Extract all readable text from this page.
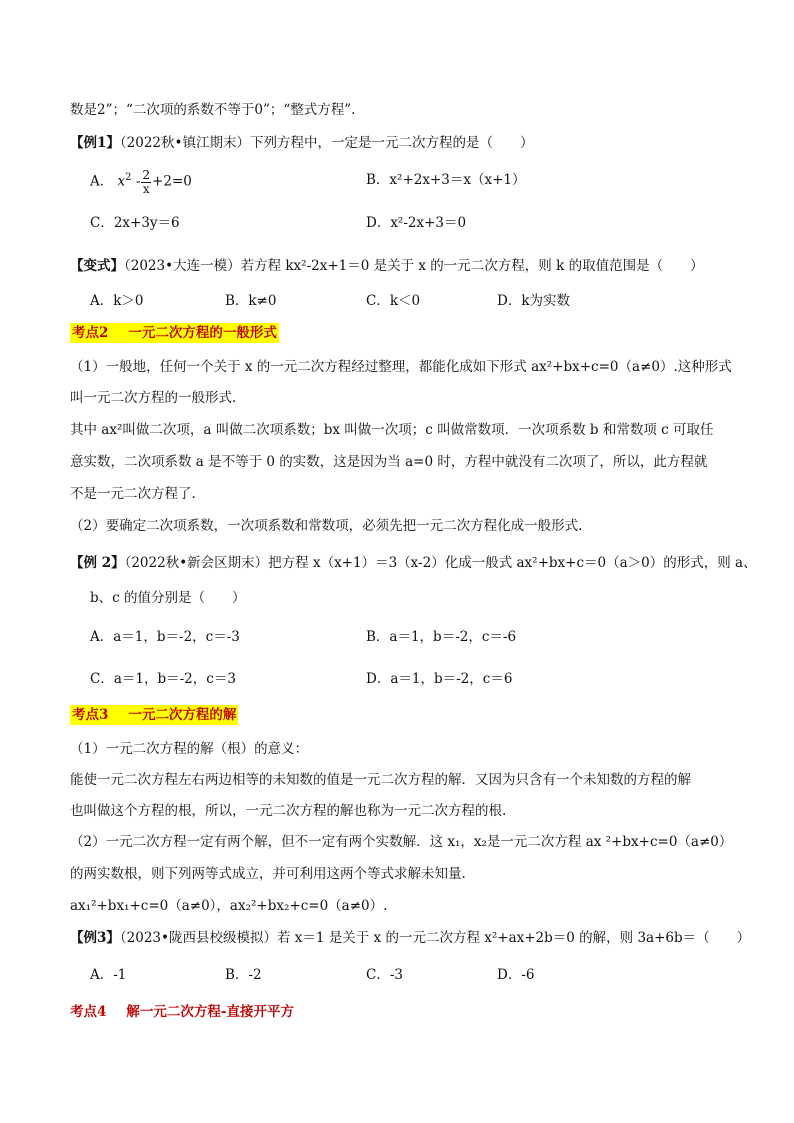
数是2”；“二次项的系数不等于0”；“整式方程”.
【例1】（2022秋•镇江期末）下列方程中，一定是一元二次方程的是（　　）
A． $x^2 - \frac{2}{x} +2=0$	B．x²+2x+3＝x（x+1）
C．2x+3y＝6	D．x²-2x+3＝0
【变式】（2023•大连一模）若方程 kx²-2x+1＝0 是关于 x 的一元二次方程，则 k 的取值范围是（　　）
A．k＞0	B．k≠0	C．k＜0	D．k为实数
考点2 一元二次方程的一般形式
（1）一般地，任何一个关于 x 的一元二次方程经过整理，都能化成如下形式 ax²+bx+c=0（a≠0）.这种形式
叫一元二次方程的一般形式.
其中 ax²叫做二次项，a 叫做二次项系数；bx 叫做一次项；c 叫做常数项．一次项系数 b 和常数项 c 可取任
意实数，二次项系数 a 是不等于 0 的实数，这是因为当 a=0 时，方程中就没有二次项了，所以，此方程就
不是一元二次方程了.
（2）要确定二次项系数，一次项系数和常数项，必须先把一元二次方程化成一般形式.
【例 2】（2022秋•新会区期末）把方程 x（x+1）＝3（x-2）化成一般式 ax²+bx+c＝0（a＞0）的形式，则 a、
b、c 的值分别是（　　）
A．a＝1，b＝-2，c＝-3	B．a＝1，b＝-2，c＝-6
C．a＝1，b＝-2，c＝3	D．a＝1，b＝-2，c＝6
考点3 一元二次方程的解
（1）一元二次方程的解（根）的意义：
能使一元二次方程左右两边相等的未知数的值是一元二次方程的解．又因为只含有一个未知数的方程的解
也叫做这个方程的根，所以，一元二次方程的解也称为一元二次方程的根.
（2）一元二次方程一定有两个解，但不一定有两个实数解．这 x₁，x₂是一元二次方程 ax ²+bx+c=0（a≠0）
的两实数根，则下列两等式成立，并可利用这两个等式求解未知量.
ax₁²+bx₁+c=0（a≠0），ax₂²+bx₂+c=0（a≠0）.
【例3】（2023•陇西县校级模拟）若 x＝1 是关于 x 的一元二次方程 x²+ax+2b＝0 的解，则 3a+6b＝（　　）
A．-1	B．-2	C．-3	D．-6
考点4 解一元二次方程-直接开平方
